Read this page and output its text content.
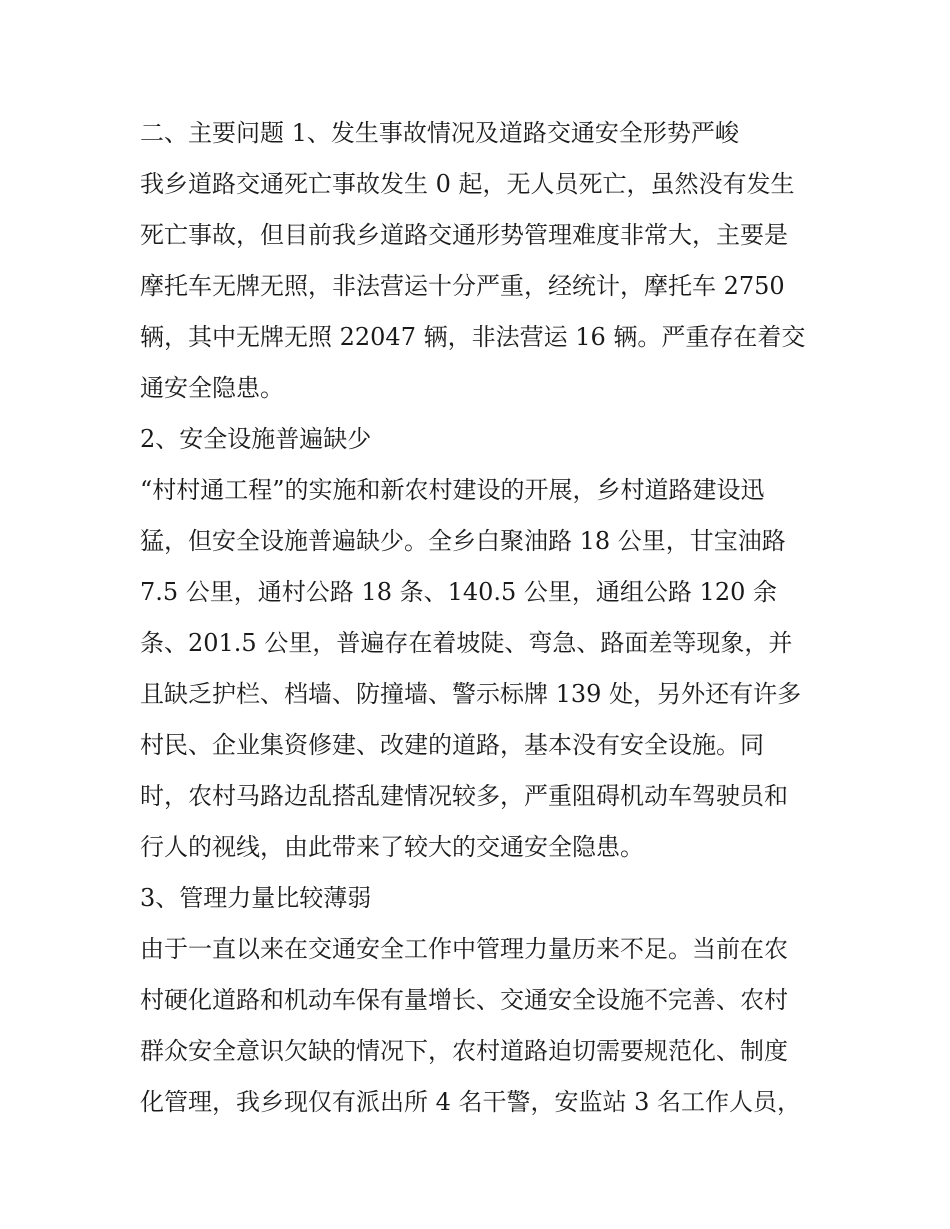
二、主要问题 1、发生事故情况及道路交通安全形势严峻
我乡道路交通死亡事故发生 0 起，无人员死亡，虽然没有发生
死亡事故，但目前我乡道路交通形势管理难度非常大，主要是
摩托车无牌无照，非法营运十分严重，经统计，摩托车 2750
辆，其中无牌无照 22047 辆，非法营运 16 辆。严重存在着交
通安全隐患。
2、安全设施普遍缺少
“村村通工程”的实施和新农村建设的开展，乡村道路建设迅
猛，但安全设施普遍缺少。全乡白聚油路 18 公里，甘宝油路
7.5 公里，通村公路 18 条、140.5 公里，通组公路 120 余
条、201.5 公里，普遍存在着坡陡、弯急、路面差等现象，并
且缺乏护栏、档墙、防撞墙、警示标牌 139 处，另外还有许多
村民、企业集资修建、改建的道路，基本没有安全设施。同
时，农村马路边乱搭乱建情况较多，严重阻碍机动车驾驶员和
行人的视线，由此带来了较大的交通安全隐患。
3、管理力量比较薄弱
由于一直以来在交通安全工作中管理力量历来不足。当前在农
村硬化道路和机动车保有量增长、交通安全设施不完善、农村
群众安全意识欠缺的情况下，农村道路迫切需要规范化、制度
化管理，我乡现仅有派出所 4 名干警，安监站 3 名工作人员，
